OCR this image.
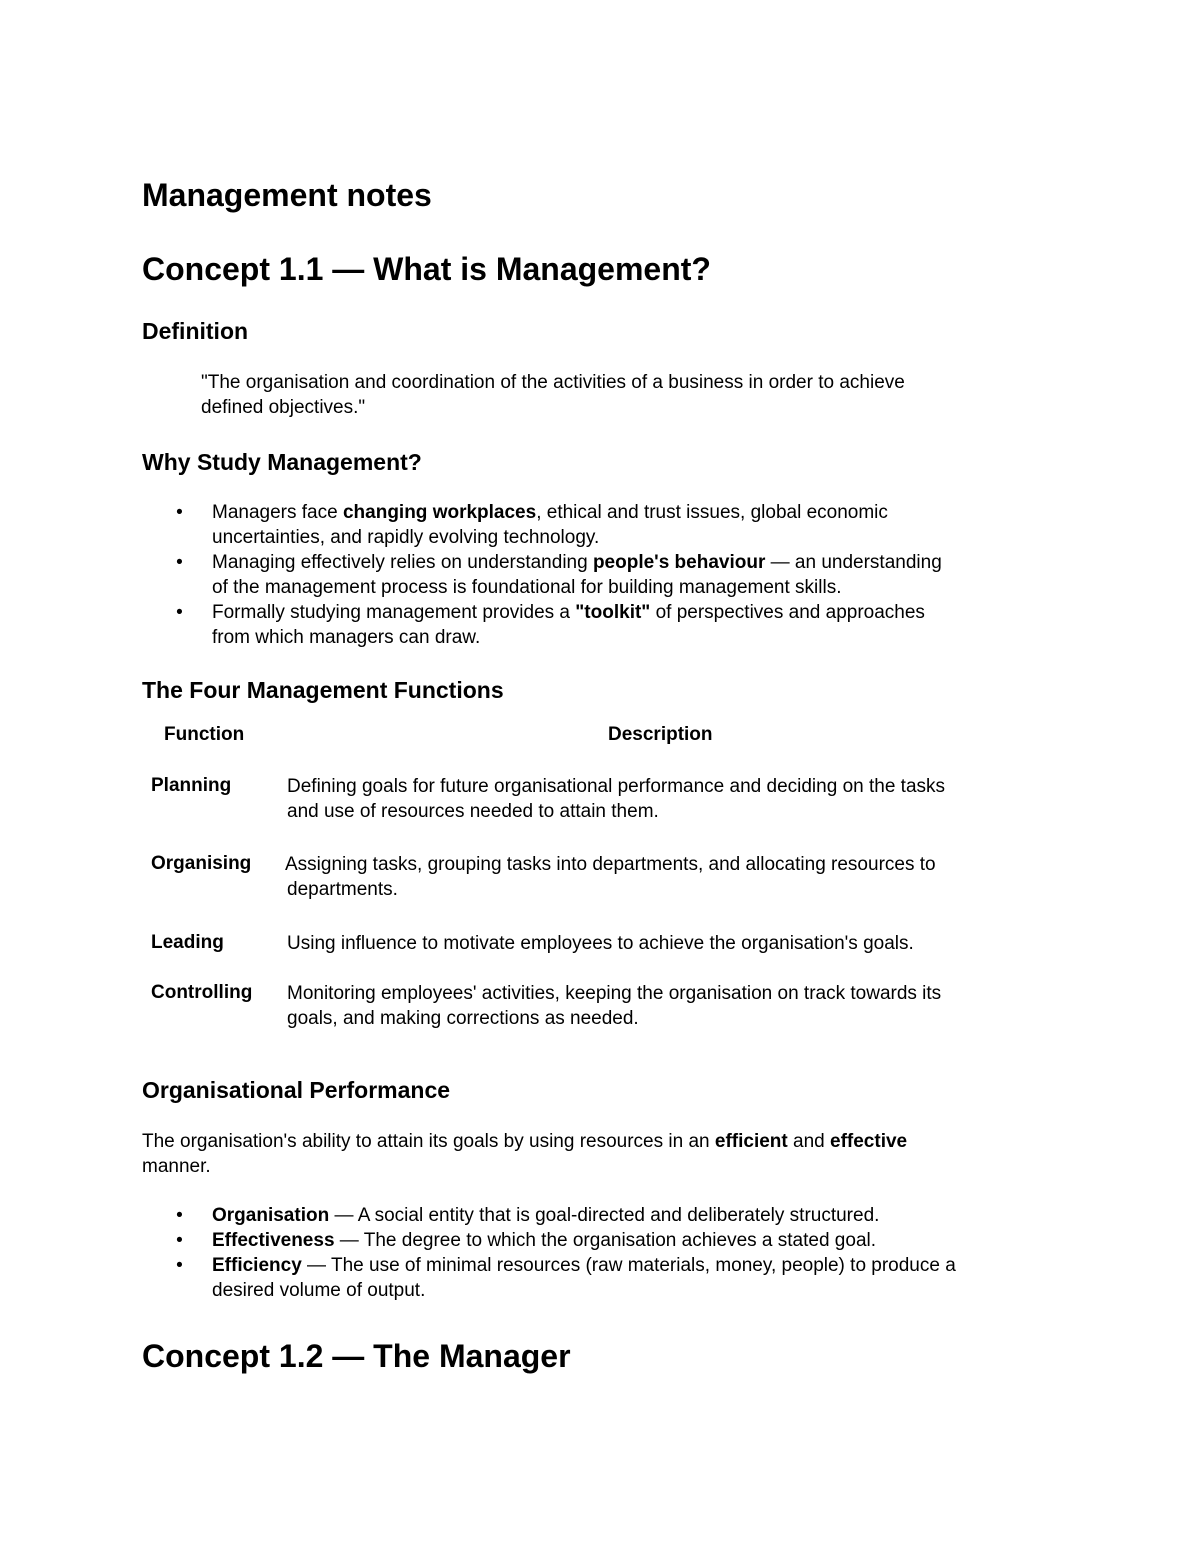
Management notes
Concept 1.1 — What is Management?
Definition
"The organisation and coordination of the activities of a business in order to achieve
defined objectives."
Why Study Management?
• Managers face changing workplaces, ethical and trust issues, global economic
uncertainties, and rapidly evolving technology.
• Managing effectively relies on understanding people's behaviour — an understanding
of the management process is foundational for building management skills.
• Formally studying management provides a "toolkit" of perspectives and approaches
from which managers can draw.
The Four Management Functions
Function	Description
Planning	Defining goals for future organisational performance and deciding on the tasks
and use of resources needed to attain them.
Organising Assigning tasks, grouping tasks into departments, and allocating resources to
departments.
Leading	Using influence to motivate employees to achieve the organisation's goals.
Controlling Monitoring employees' activities, keeping the organisation on track towards its
goals, and making corrections as needed.
Organisational Performance
The organisation's ability to attain its goals by using resources in an efficient and effective
manner.
• Organisation — A social entity that is goal-directed and deliberately structured.
• Effectiveness — The degree to which the organisation achieves a stated goal.
• Efficiency — The use of minimal resources (raw materials, money, people) to produce a
desired volume of output.
Concept 1.2 — The Manager
